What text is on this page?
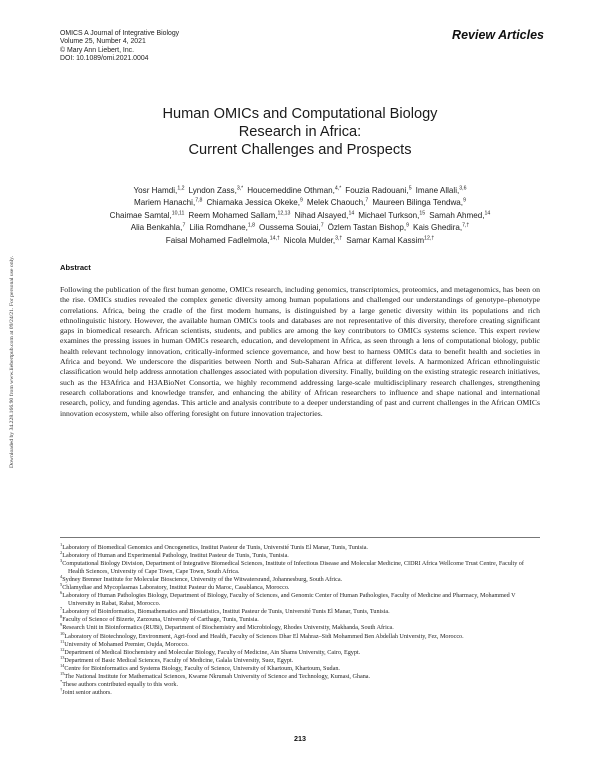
OMICS A Journal of Integrative Biology
Volume 25, Number 4, 2021
© Mary Ann Liebert, Inc.
DOI: 10.1089/omi.2021.0004
Review Articles
Human OMICs and Computational Biology
Research in Africa:
Current Challenges and Prospects
Yosr Hamdi,$^{1,2}$ Lyndon Zass,$^{3,*}$ Houcemeddine Othman,$^{4,*}$ Fouzia Radouani,$^5$ Imane Allali,$^{3,6}$
Mariem Hanachi,$^{7,8}$ Chiamaka Jessica Okeke,$^9$ Melek Chaouch,$^7$ Maureen Bilinga Tendwa,$^9$
Chaimae Samtal,$^{10,11}$ Reem Mohamed Sallam,$^{12,13}$ Nihad Alsayed,$^{14}$ Michael Turkson,$^{15}$ Samah Ahmed,$^{14}$
Alia Benkahla,$^7$ Lilia Romdhane,$^{1,8}$ Oussema Souiai,$^7$ Özlem Tastan Bishop,$^9$ Kais Ghedira,$^{7,\dagger}$
Faisal Mohamed Fadlelmola,$^{14,\dagger}$ Nicola Mulder,$^{3,\dagger}$ Samar Kamal Kassim$^{12,\dagger}$
Downloaded by 34.228.166.90 from www.liebertpub.com at 09/24/21. For personal use only.	Abstract

Following the publication of the first human genome, OMICs research, including genomics, transcriptomics, proteomics, and metagenomics, has been on the rise. OMICs studies revealed the complex genetic diversity among human populations and challenged our understandings of genotype–phenotype correlations. Africa, being the cradle of the first modern humans, is distinguished by a large genetic diversity within its populations and rich ethnolinguistic history. However, the available human OMICs tools and databases are not representative of this diversity, therefore creating significant gaps in biomedical research. African scientists, students, and publics are among the key contributors to OMICs systems science. This expert review examines the pressing issues in human OMICs research, education, and development in Africa, as seen through a lens of computational biology, public health relevant technology innovation, critically-informed science governance, and how best to harness OMICs data to benefit health and societies in Africa and beyond. We underscore the disparities between North and Sub-Saharan Africa at different levels. A harmonized African ethnolinguistic classification would help address annotation challenges associated with population diversity. Finally, building on the existing strategic research initiatives, such as the H3Africa and H3ABioNet Consortia, we highly recommend addressing large-scale multidisciplinary research challenges, strengthening research collaborations and knowledge transfer, and enhancing the ability of African researchers to influence and shape national and international research, policy, and funding agendas. This article and analysis contribute to a deeper understanding of past and current challenges in the African OMICs innovation ecosystem, while also offering foresight on future innovation trajectories.

$^1$Laboratory of Biomedical Genomics and Oncogenetics, Institut Pasteur de Tunis, Université Tunis El Manar, Tunis, Tunisia.

$^2$Laboratory of Human and Experimental Pathology, Institut Pasteur de Tunis, Tunis, Tunisia.

$^3$Computational Biology Division, Department of Integrative Biomedical Sciences, Institute of Infectious Disease and Molecular Medicine, CIDRI Africa Wellcome Trust Centre, Faculty of Health Sciences, University of Cape Town, Cape Town, South Africa.

$^4$Sydney Brenner Institute for Molecular Bioscience, University of the Witwatersrand, Johannesburg, South Africa.

$^5$Chlamydiae and Mycoplasmas Laboratory, Institut Pasteur du Maroc, Casablanca, Morocco.

$^6$Laboratory of Human Pathologies Biology, Department of Biology, Faculty of Sciences, and Genomic Center of Human Pathologies, Faculty of Medicine and Pharmacy, Mohammed V University in Rabat, Rabat, Morocco.

$^7$Laboratory of Bioinformatics, Biomathematics and Biostatistics, Institut Pasteur de Tunis, Université Tunis El Manar, Tunis, Tunisia.

$^8$Faculty of Science of Bizerte, Zarzouna, University of Carthage, Tunis, Tunisia.

$^9$Research Unit in Bioinformatics (RUBi), Department of Biochemistry and Microbiology, Rhodes University, Makhanda, South Africa.

$^{10}$Laboratory of Biotechnology, Environment, Agri-food and Health, Faculty of Sciences Dhar El Mahraz–Sidi Mohammed Ben Abdellah University, Fez, Morocco.

$^{11}$University of Mohamed Premier, Oujda, Morocco.

$^{12}$Department of Medical Biochemistry and Molecular Biology, Faculty of Medicine, Ain Shams University, Cairo, Egypt.

$^{13}$Department of Basic Medical Sciences, Faculty of Medicine, Galala University, Suez, Egypt.

$^{14}$Centre for Bioinformatics and Systems Biology, Faculty of Science, University of Khartoum, Khartoum, Sudan.

$^{15}$The National Institute for Mathematical Sciences, Kwame Nkrumah University of Science and Technology, Kumasi, Ghana.

*These authors contributed equally to this work.

†Joint senior authors.

213
